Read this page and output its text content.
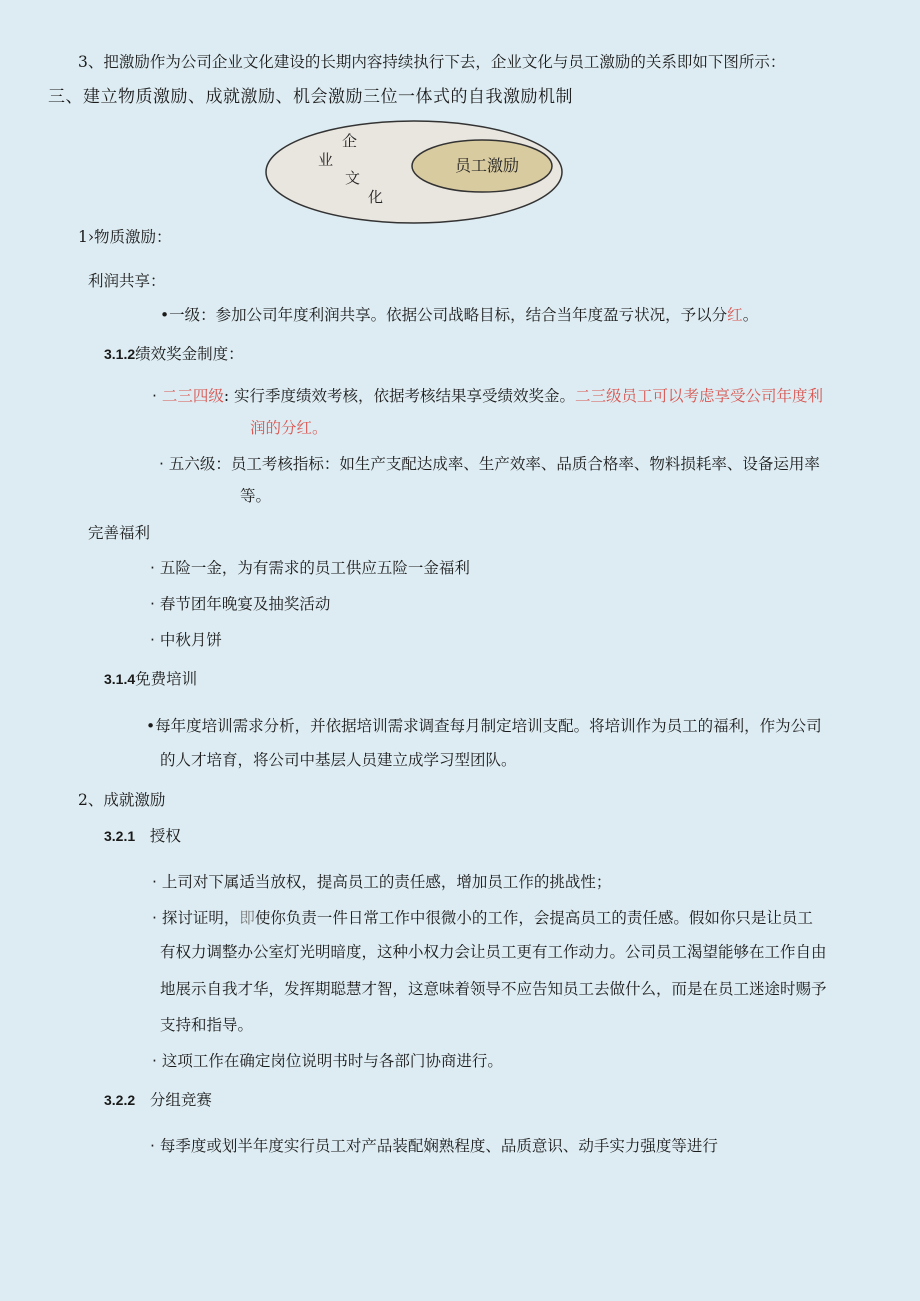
3、把激励作为公司企业文化建设的长期内容持续执行下去，企业文化与员工激励的关系即如下图所示：
三、建立物质激励、成就激励、机会激励三位一体式的自我激励机制
企
业
文
化
员工激励
1›物质激励：
利润共享：
•一级：参加公司年度利润共享。依据公司战略目标，结合当年度盈亏状况，予以分红。
3.1.2绩效奖金制度：
· 二三四级: 实行季度绩效考核，依据考核结果享受绩效奖金。二三级员工可以考虑享受公司年度利
润的分红。
· 五六级：员工考核指标：如生产支配达成率、生产效率、品质合格率、物料损耗率、设备运用率
等。
完善福利
· 五险一金，为有需求的员工供应五险一金福利
· 春节团年晚宴及抽奖活动
· 中秋月饼
3.1.4免费培训
•每年度培训需求分析，并依据培训需求调查每月制定培训支配。将培训作为员工的福利，作为公司
的人才培育，将公司中基层人员建立成学习型团队。
2、成就激励
3.2.1 授权
· 上司对下属适当放权，提高员工的责任感，增加员工作的挑战性；
· 探讨证明，即使你负责一件日常工作中很微小的工作，会提高员工的责任感。假如你只是让员工
有权力调整办公室灯光明暗度，这种小权力会让员工更有工作动力。公司员工渴望能够在工作自由
地展示自我才华，发挥期聪慧才智，这意味着领导不应告知员工去做什么，而是在员工迷途时赐予
支持和指导。
· 这项工作在确定岗位说明书时与各部门协商进行。
3.2.2 分组竞赛
· 每季度或划半年度实行员工对产品装配娴熟程度、品质意识、动手实力强度等进行
